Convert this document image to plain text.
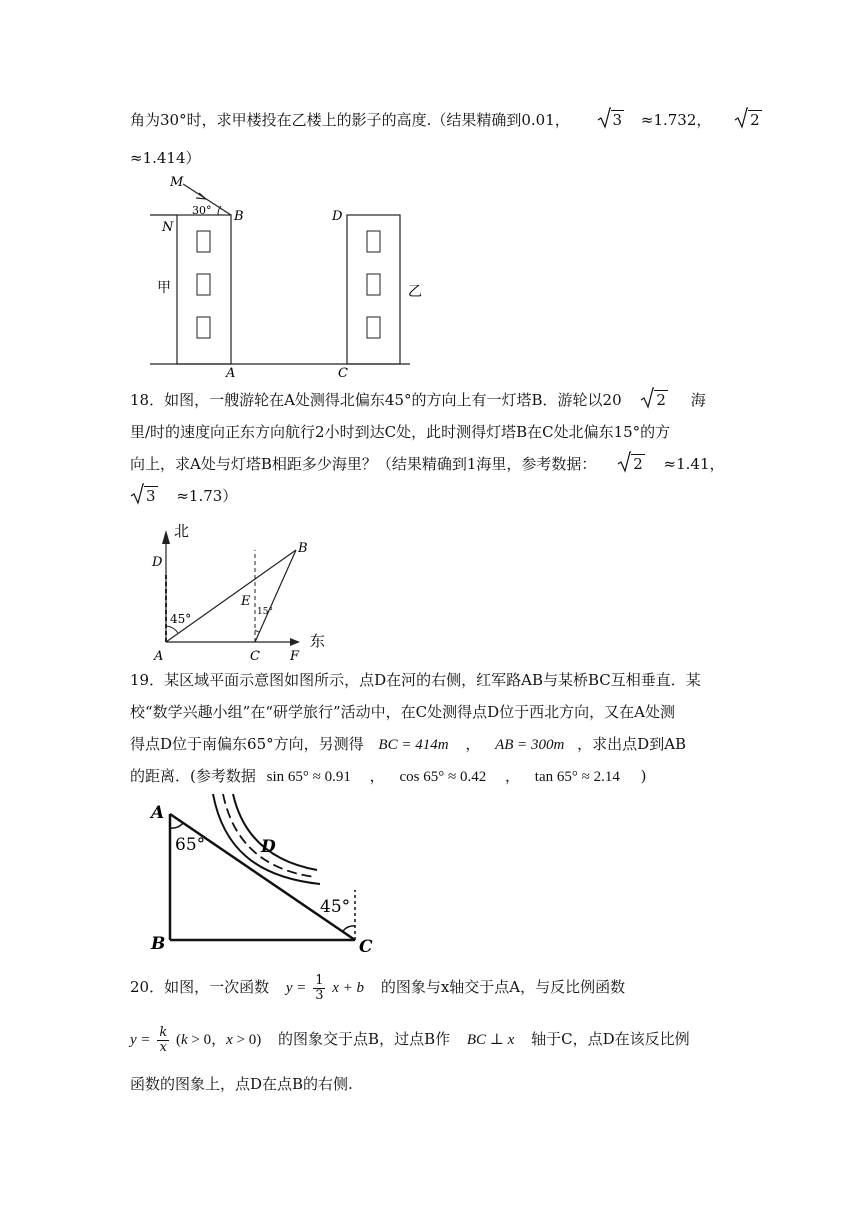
角为30°时，求甲楼投在乙楼上的影子的高度.（结果精确到0.01，	3 ≈1.732，	2
≈1.414）
M
N
B
30°
A	C
D
甲	乙
18．如图，一艘游轮在A处测得北偏东45°的方向上有一灯塔B．游轮以20 2 海
里/时的速度向正东方向航行2小时到达C处，此时测得灯塔B在C处北偏东15°的方
向上，求A处与灯塔B相距多少海里？（结果精确到1海里，参考数据： 2 ≈1.41，
3 ≈1.73）
北
东
D
A
B
C
E
F
45°	15°
19．某区域平面示意图如图所示，点D在河的右侧，红军路AB与某桥BC互相垂直．某
校“数学兴趣小组”在“研学旅行”活动中，在C处测得点D位于西北方向，又在A处测
得点D位于南偏东65°方向，另测得 BC = 414m ， AB = 300m ，求出点D到AB
的距离．(参考数据 sin 65° ≈ 0.91 ， cos 65° ≈ 0.42 ， tan 65° ≈ 2.14 )
A
B	C
D
65°
45°
20．如图，一次函数 $y = \frac{1}{3}$ x + b 的图象与x轴交于点A，与反比例函数
$y = \frac{k}{x} (k > 0$，x > 0) 的图象交于点B，过点B作 BC ⊥ x 轴于C，点D在该反比例
函数的图象上，点D在点B的右侧.
